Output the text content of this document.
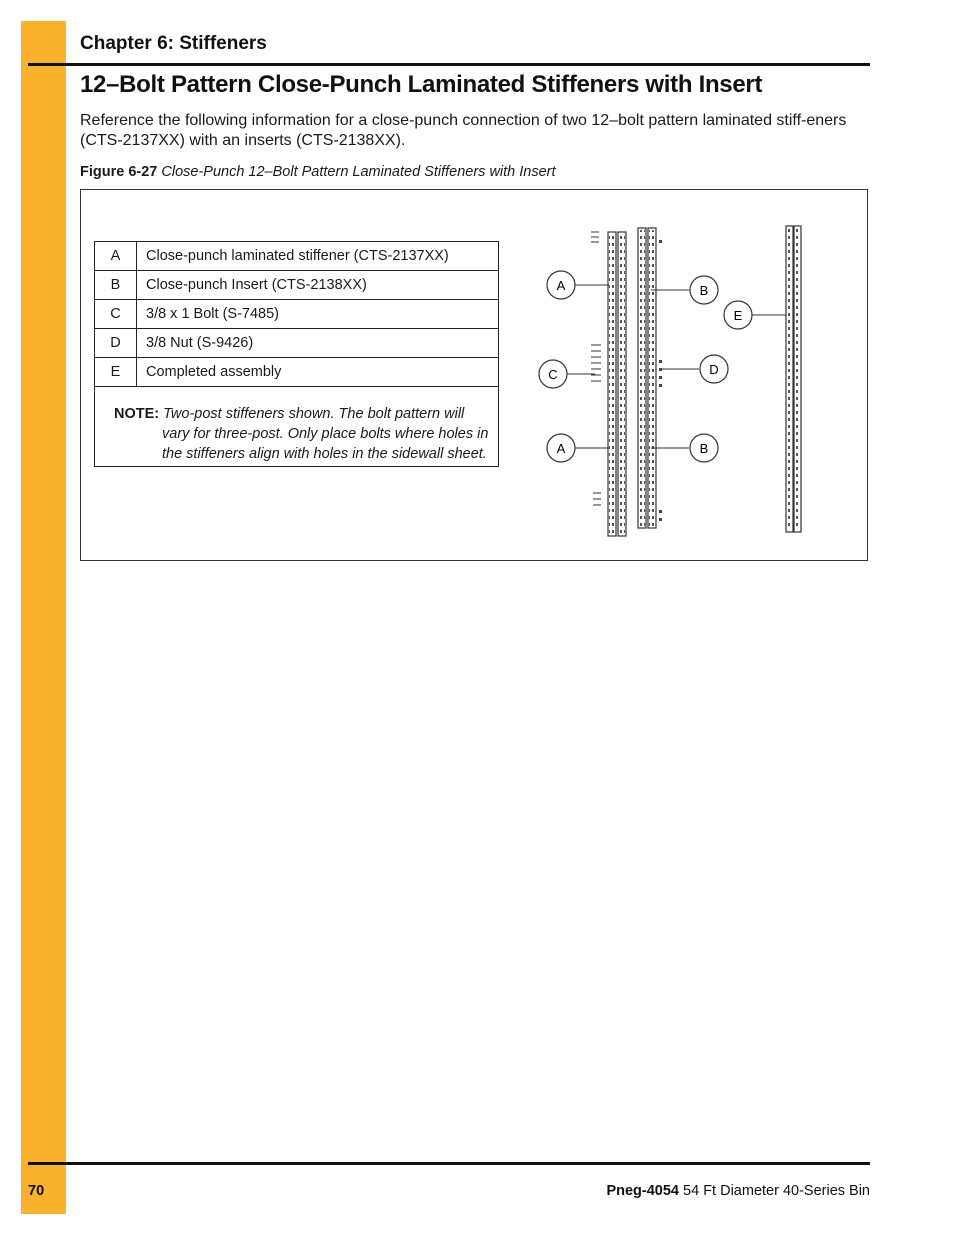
Chapter 6: Stiffeners
12–Bolt Pattern Close-Punch Laminated Stiffeners with Insert
Reference the following information for a close-punch connection of two 12–bolt pattern laminated stiff-eners (CTS-2137XX) with an inserts (CTS-2138XX).
Figure 6-27 Close-Punch 12–Bolt Pattern Laminated Stiffeners with Insert
A	Close-punch laminated stiffener (CTS-2137XX)
B	Close-punch Insert (CTS-2138XX)
C	3/8 x 1 Bolt (S-7485)
D	3/8 Nut (S-9426)
E	Completed assembly
NOTE: Two-post stiffeners shown. The bolt pattern will vary for three-post. Only place bolts where holes in the stiffeners align with holes in the sidewall sheet.
A	B
E
C	D
A	B
70	Pneg-4054 54 Ft Diameter 40-Series Bin
